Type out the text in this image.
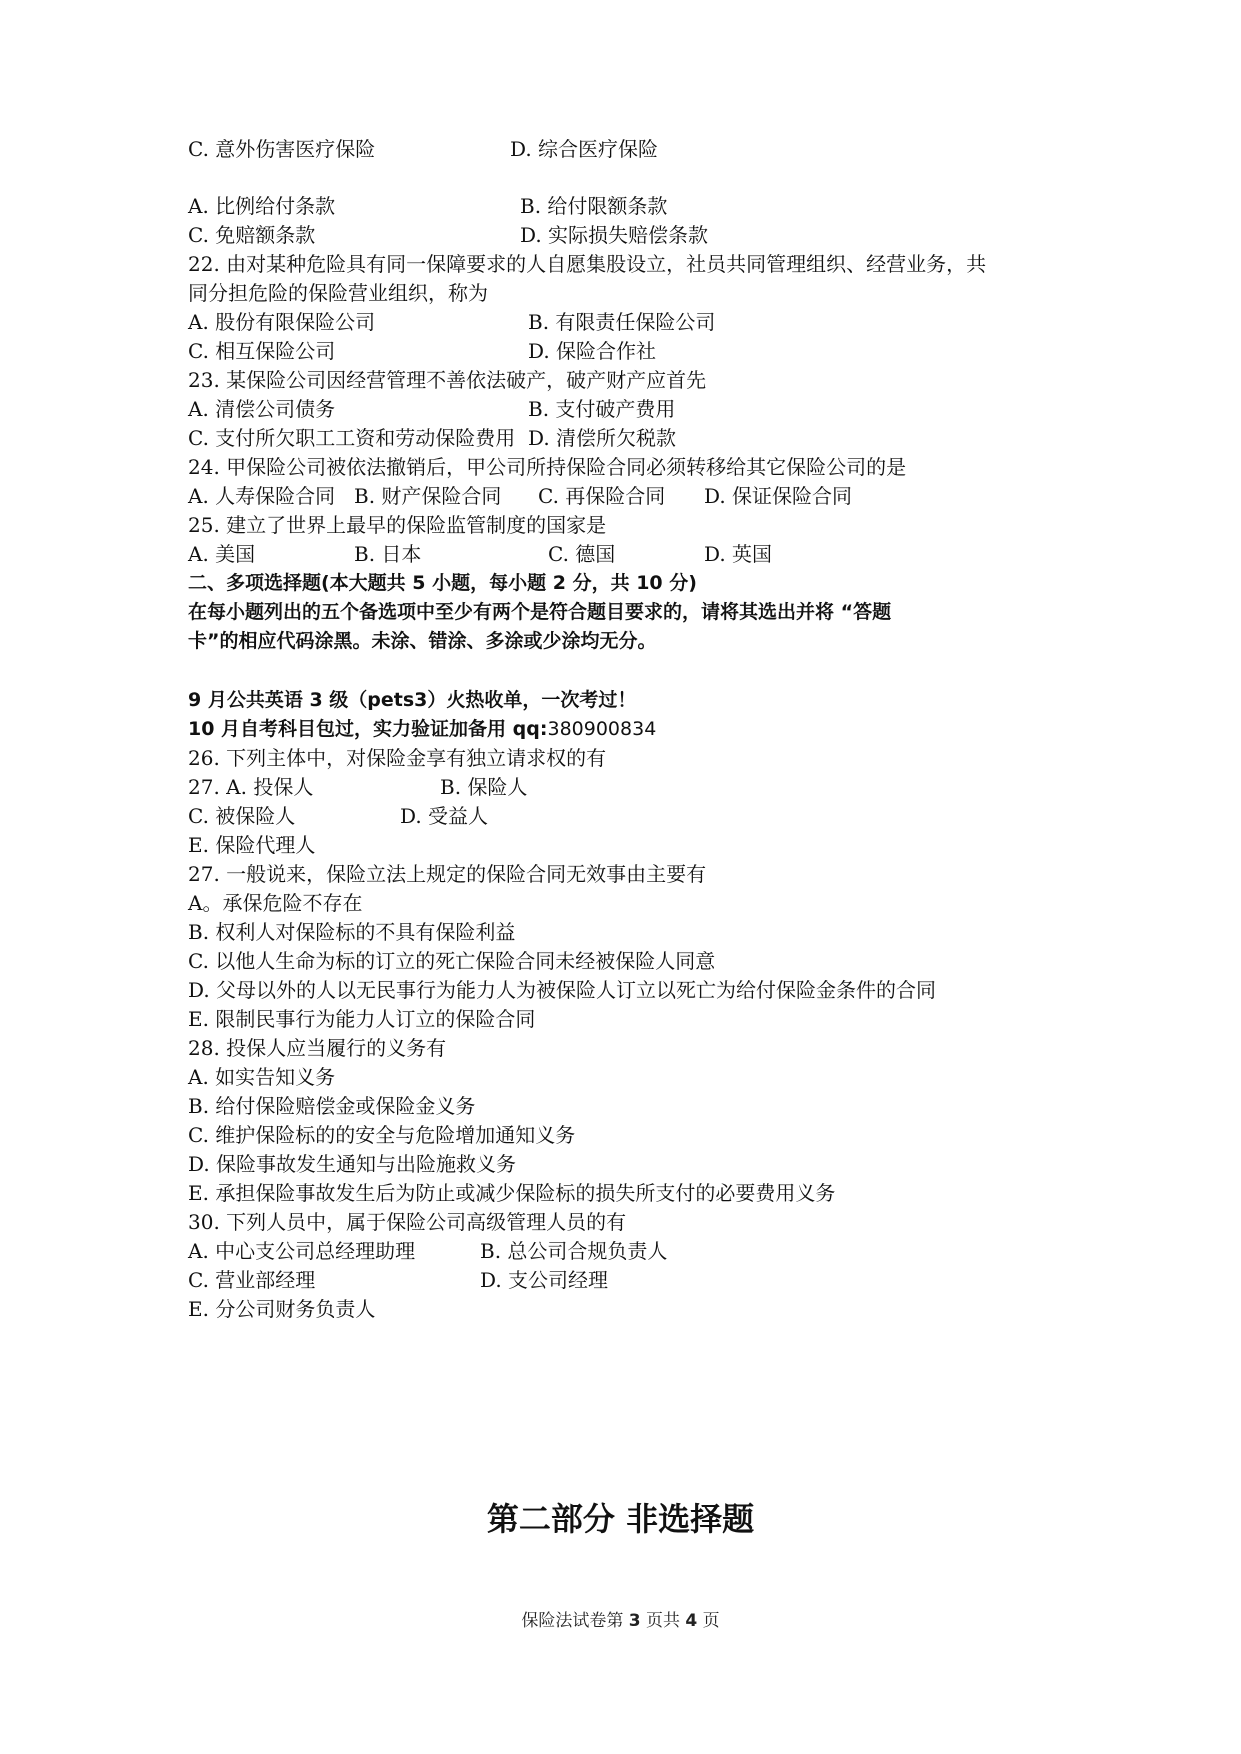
C. 意外伤害医疗保险	D. 综合医疗保险
A. 比例给付条款	B. 给付限额条款
C. 免赔额条款	D. 实际损失赔偿条款
22. 由对某种危险具有同一保障要求的人自愿集股设立，社员共同管理组织、经营业务，共
同分担危险的保险营业组织，称为
A. 股份有限保险公司	B. 有限责任保险公司
C. 相互保险公司	D. 保险合作社
23. 某保险公司因经营管理不善依法破产，破产财产应首先
A. 清偿公司债务	B. 支付破产费用
C. 支付所欠职工工资和劳动保险费用 D. 清偿所欠税款
24. 甲保险公司被依法撤销后，甲公司所持保险合同必须转移给其它保险公司的是
A. 人寿保险合同 B. 财产保险合同 C. 再保险合同 D. 保证保险合同
25. 建立了世界上最早的保险监管制度的国家是
A. 美国	B. 日本	C. 德国	D. 英国
二、多项选择题(本大题共 5 小题，每小题 2 分，共 10 分)
在每小题列出的五个备选项中至少有两个是符合题目要求的，请将其选出并将 “答题
卡”的相应代码涂黑。未涂、错涂、多涂或少涂均无分。
9 月公共英语 3 级（pets3）火热收单，一次考过！
10 月自考科目包过，实力验证加备用 qq:380900834
26. 下列主体中，对保险金享有独立请求权的有
27. A. 投保人	B. 保险人
C. 被保险人	D. 受益人
E. 保险代理人
27. 一般说来，保险立法上规定的保险合同无效事由主要有
A。承保危险不存在
B. 权利人对保险标的不具有保险利益
C. 以他人生命为标的订立的死亡保险合同未经被保险人同意
D. 父母以外的人以无民事行为能力人为被保险人订立以死亡为给付保险金条件的合同
E. 限制民事行为能力人订立的保险合同
28. 投保人应当履行的义务有
A. 如实告知义务
B. 给付保险赔偿金或保险金义务
C. 维护保险标的的安全与危险增加通知义务
D. 保险事故发生通知与出险施救义务
E. 承担保险事故发生后为防止或减少保险标的损失所支付的必要费用义务
30. 下列人员中，属于保险公司高级管理人员的有
A. 中心支公司总经理助理	B. 总公司合规负责人
C. 营业部经理	D. 支公司经理
E. 分公司财务负责人
第二部分 非选择题
保险法试卷第 3 页共 4 页
